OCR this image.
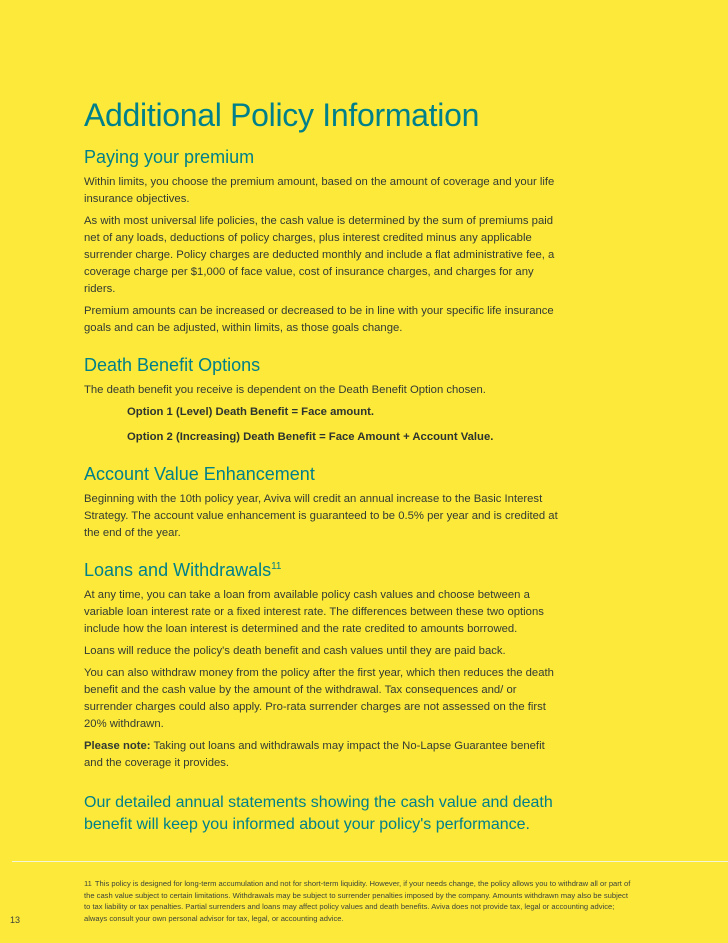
Additional Policy Information
Paying your premium

Within limits, you choose the premium amount, based on the amount of coverage and your life insurance objectives.

As with most universal life policies, the cash value is determined by the sum of premiums paid net of any loads, deductions of policy charges, plus interest credited minus any applicable surrender charge. Policy charges are deducted monthly and include a flat administrative fee, a coverage charge per $1,000 of face value, cost of insurance charges, and charges for any riders.

Premium amounts can be increased or decreased to be in line with your specific life insurance goals and can be adjusted, within limits, as those goals change.

Death Benefit Options

The death benefit you receive is dependent on the Death Benefit Option chosen.

Option 1 (Level) Death Benefit = Face amount.

Option 2 (Increasing) Death Benefit = Face Amount + Account Value.

Account Value Enhancement

Beginning with the 10th policy year, Aviva will credit an annual increase to the Basic Interest Strategy. The account value enhancement is guaranteed to be 0.5% per year and is credited at the end of the year.

Loans and Withdrawals$^{11}$

At any time, you can take a loan from available policy cash values and choose between a variable loan interest rate or a fixed interest rate. The differences between these two options include how the loan interest is determined and the rate credited to amounts borrowed.

Loans will reduce the policy's death benefit and cash values until they are paid back.

You can also withdraw money from the policy after the first year, which then reduces the death benefit and the cash value by the amount of the withdrawal. Tax consequences and/ or surrender charges could also apply. Pro-rata surrender charges are not assessed on the first 20% withdrawn.

Please note: Taking out loans and withdrawals may impact the No-Lapse Guarantee benefit and the coverage it provides.

Our detailed annual statements showing the cash value and death benefit will keep you informed about your policy's performance.

11 This policy is designed for long-term accumulation and not for short-term liquidity. However, if your needs change, the policy allows you to withdraw all or part of the cash value subject to certain limitations. Withdrawals may be subject to surrender penalties imposed by the company. Amounts withdrawn may also be subject to tax liability or tax penalties. Partial surrenders and loans may affect policy values and death benefits. Aviva does not provide tax, legal or accounting advice; always consult your own personal advisor for tax, legal, or accounting advice.
13
